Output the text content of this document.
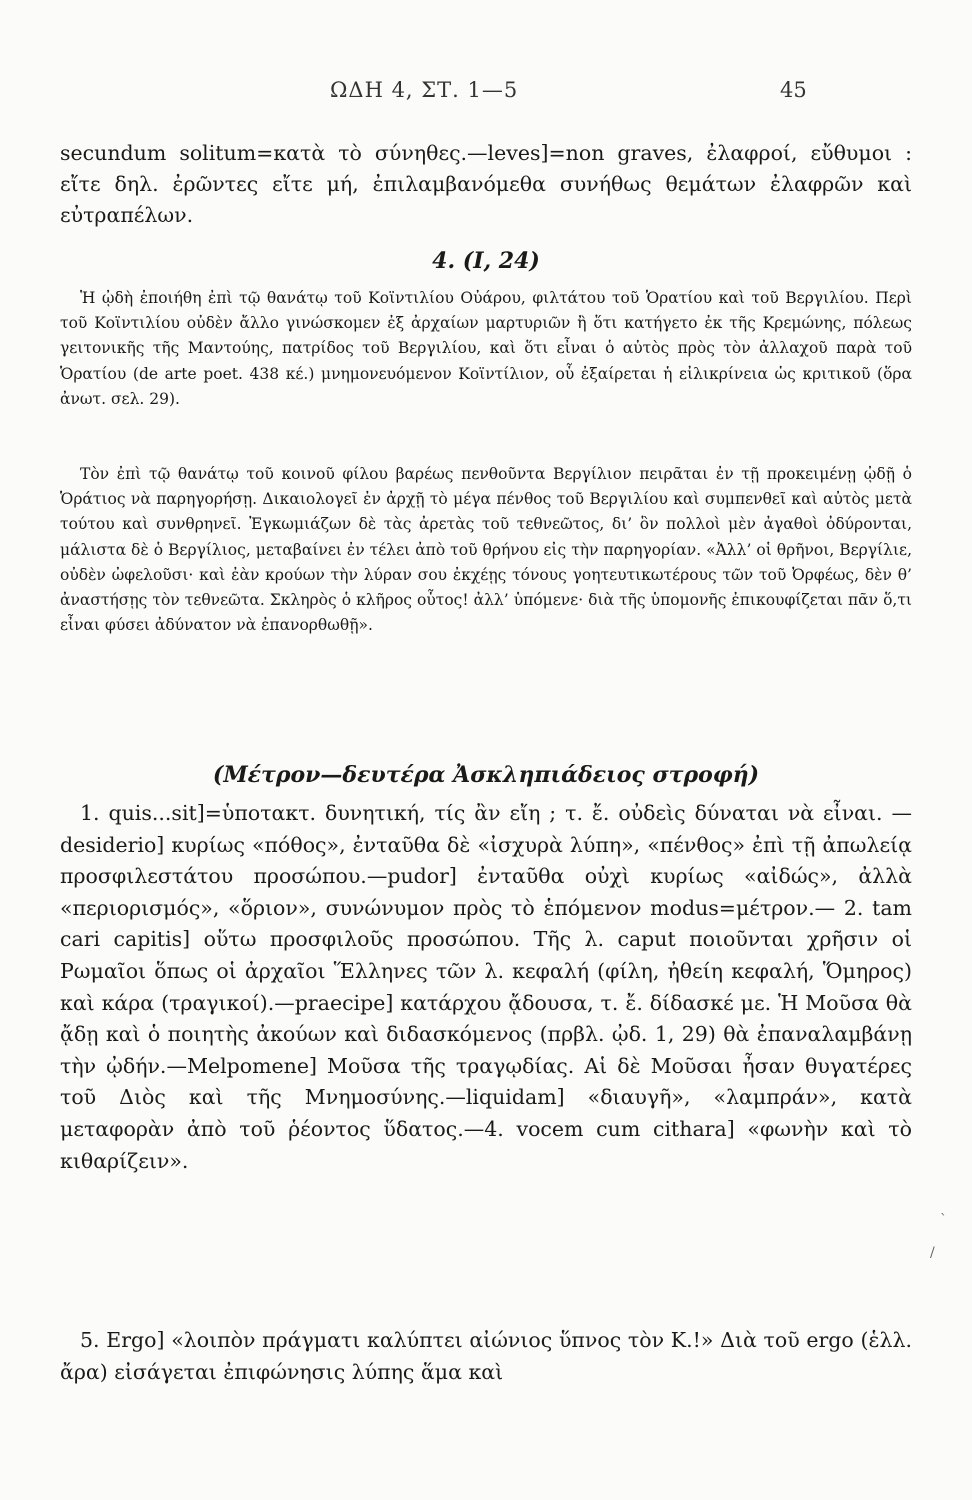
ΩΔΗ 4, ΣΤ. 1—5	45

secundum solitum=κατὰ τὸ σύνηθες.—leves]=non graves, ἐλαφροί, εὔθυμοι : εἴτε δηλ. ἐρῶντες εἴτε μή, ἐπιλαμβανόμεθα συνήθως θεμάτων ἐλαφρῶν καὶ εὐτραπέλων.

4. (I, 24)

Ἡ ᾠδὴ ἐποιήθη ἐπὶ τῷ θανάτῳ τοῦ Κοϊντιλίου Οὐάρου, φιλτάτου τοῦ Ὁρατίου καὶ τοῦ Βεργιλίου. Περὶ τοῦ Κοϊντιλίου οὐδὲν ἄλλο γινώσκομεν ἐξ ἀρχαίων μαρτυριῶν ἢ ὅτι κατήγετο ἐκ τῆς Κρεμώνης, πόλεως γειτονικῆς τῆς Μαντούης, πατρίδος τοῦ Βεργιλίου, καὶ ὅτι εἶναι ὁ αὐτὸς πρὸς τὸν ἀλλαχοῦ παρὰ τοῦ Ὁρατίου (de arte poet. 438 κέ.) μνημονευόμενον Κοϊντίλιον, οὗ ἐξαίρεται ἡ εἰλικρίνεια ὡς κριτικοῦ (ὅρα ἀνωτ. σελ. 29).

Τὸν ἐπὶ τῷ θανάτῳ τοῦ κοινοῦ φίλου βαρέως πενθοῦντα Βεργίλιον πειρᾶται ἐν τῇ προκειμένῃ ᾠδῇ ὁ Ὁράτιος νὰ παρηγορήσῃ. Δικαιολογεῖ ἐν ἀρχῇ τὸ μέγα πένθος τοῦ Βεργιλίου καὶ συμπενθεῖ καὶ αὐτὸς μετὰ τούτου καὶ συνθρηνεῖ. Ἐγκωμιάζων δὲ τὰς ἀρετὰς τοῦ τεθνεῶτος, δι’ ὃν πολλοὶ μὲν ἀγαθοὶ ὀδύρονται, μάλιστα δὲ ὁ Βεργίλιος, μεταβαίνει ἐν τέλει ἀπὸ τοῦ θρήνου εἰς τὴν παρηγορίαν. «Ἀλλ’ οἱ θρῆνοι, Βεργίλιε, οὐδὲν ὠφελοῦσι· καὶ ἐὰν κρούων τὴν λύραν σου ἐκχέῃς τόνους γοητευτικωτέρους τῶν τοῦ Ὀρφέως, δὲν θ’ ἀναστήσῃς τὸν τεθνεῶτα. Σκληρὸς ὁ κλῆρος οὗτος! ἀλλ’ ὑπόμενε· διὰ τῆς ὑπομονῆς ἐπικουφίζεται πᾶν ὅ,τι εἶναι φύσει ἀδύνατον νὰ ἐπανορθωθῇ».

(Μέτρον—δευτέρα Ἀσκληπιάδειος στροφή)

1. quis...sit]=ὑποτακτ. δυνητική, τίς ἂν εἴη ; τ. ἔ. οὐδεὶς δύναται νὰ εἶναι. — desiderio] κυρίως «πόθος», ἐνταῦθα δὲ «ἰσχυρὰ λύπη», «πένθος» ἐπὶ τῇ ἀπωλείᾳ προσφιλεστάτου προσώπου.—pudor] ἐνταῦθα οὐχὶ κυρίως «αἰδώς», ἀλλὰ «περιορισμός», «ὅριον», συνώνυμον πρὸς τὸ ἑπόμενον modus=μέτρον.— 2. tam cari capitis] οὕτω προσφιλοῦς προσώπου. Τῆς λ. caput ποιοῦνται χρῆσιν οἱ Ρωμαῖοι ὅπως οἱ ἀρχαῖοι Ἕλληνες τῶν λ. κεφαλή (φίλη, ἠθείη κεφαλή, Ὅμηρος) καὶ κάρα (τραγικοί).—praecipe] κατάρχου ᾄδουσα, τ. ἔ. δίδασκέ με. Ἡ Μοῦσα θὰ ᾄδῃ καὶ ὁ ποιητὴς ἀκούων καὶ διδασκόμενος (πρβλ. ᾠδ. 1, 29) θὰ ἐπαναλαμβάνῃ τὴν ᾠδήν.—Melpomene] Μοῦσα τῆς τραγῳδίας. Αἱ δὲ Μοῦσαι ἦσαν θυγατέρες τοῦ Διὸς καὶ τῆς Μνημοσύνης.—liquidam] «διαυγῆ», «λαμπράν», κατὰ μεταφορὰν ἀπὸ τοῦ ῥέοντος ὕδατος.—4. vocem cum cithara] «φωνὴν καὶ τὸ κιθαρίζειν».

5. Ergo] «λοιπὸν πράγματι καλύπτει αἰώνιος ὕπνος τὸν Κ.!» Διὰ τοῦ ergo (ἑλλ. ἄρα) εἰσάγεται ἐπιφώνησις λύπης ἅμα καὶ

ˋ
/
